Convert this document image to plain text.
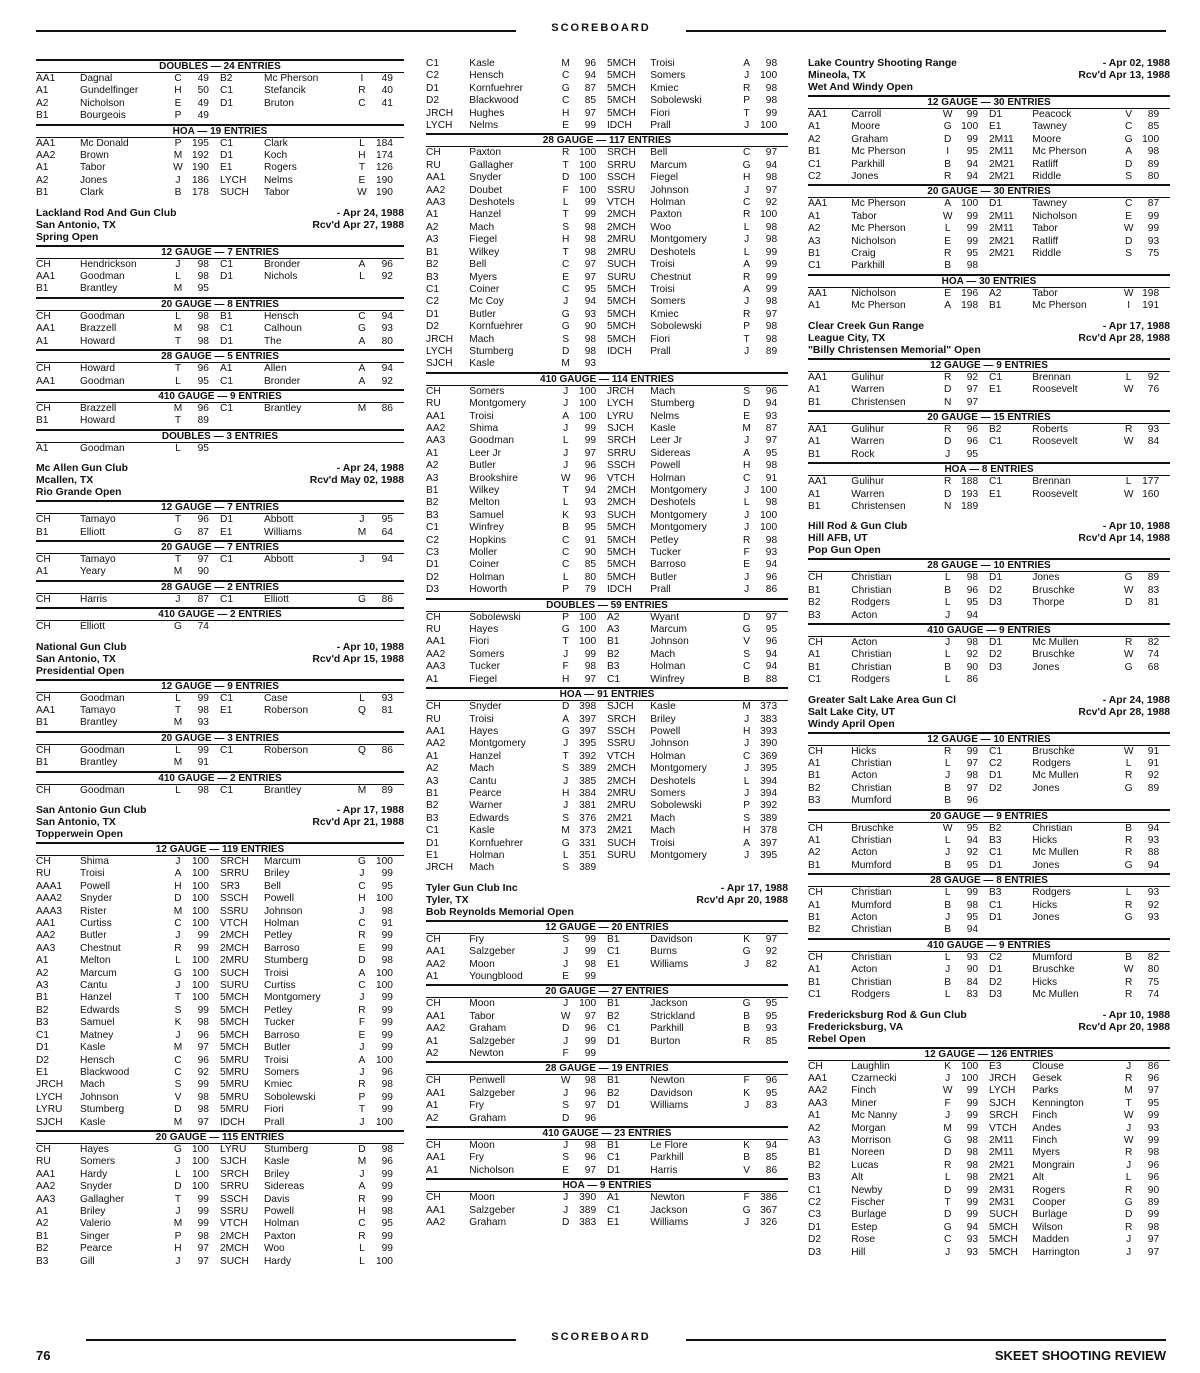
SCOREBOARD
DOUBLES — 24 ENTRIES
AA1	Dagnal	C	49	B2	Mc Pherson	I	49
A1	Gundelfinger	H	50	C1	Stefancik	R	40
A2	Nicholson	E	49	D1	Bruton	C	41
B1	Bourgeois	P	49				
HOA — 19 ENTRIES
AA1	Mc Donald	P	195	C1	Clark	L	184
AA2	Brown	M	192	D1	Koch	H	174
A1	Tabor	W	190	E1	Rogers	T	126
A2	Jones	J	186	LYCH	Nelms	E	190
B1	Clark	B	178	SUCH	Tabor	W	190
Lackland Rod And Gun Club	- Apr 24, 1988
San Antonio, TX	Rcv'd Apr 27, 1988
Spring Open
12 GAUGE — 7 ENTRIES
CH	Hendrickson	J	98	C1	Bronder	A	96
AA1	Goodman	L	98	D1	Nichols	L	92
B1	Brantley	M	95				
20 GAUGE — 8 ENTRIES
CH	Goodman	L	98	B1	Hensch	C	94
AA1	Brazzell	M	98	C1	Calhoun	G	93
A1	Howard	T	98	D1	The	A	80
28 GAUGE — 5 ENTRIES
CH	Howard	T	96	A1	Allen	A	94
AA1	Goodman	L	95	C1	Bronder	A	92
410 GAUGE — 9 ENTRIES
CH	Brazzell	M	96	C1	Brantley	M	86
B1	Howard	T	89				
DOUBLES — 3 ENTRIES
A1	Goodman	L	95				
Mc Allen Gun Club	- Apr 24, 1988
Mcallen, TX	Rcv'd May 02, 1988
Rio Grande Open
12 GAUGE — 7 ENTRIES
CH	Tamayo	T	96	D1	Abbott	J	95
B1	Elliott	G	87	E1	Williams	M	64
20 GAUGE — 7 ENTRIES
CH	Tamayo	T	97	C1	Abbott	J	94
A1	Yeary	M	90				
28 GAUGE — 2 ENTRIES
CH	Harris	J	87	C1	Elliott	G	86
410 GAUGE — 2 ENTRIES
CH	Elliott	G	74				
National Gun Club	- Apr 10, 1988
San Antonio, TX	Rcv'd Apr 15, 1988
Presidential Open
12 GAUGE — 9 ENTRIES
CH	Goodman	L	99	C1	Case	L	93
AA1	Tamayo	T	98	E1	Roberson	Q	81
B1	Brantley	M	93				
20 GAUGE — 3 ENTRIES
CH	Goodman	L	99	C1	Roberson	Q	86
B1	Brantley	M	91				
410 GAUGE — 2 ENTRIES
CH	Goodman	L	98	C1	Brantley	M	89
San Antonio Gun Club	- Apr 17, 1988
San Antonio, TX	Rcv'd Apr 21, 1988
Topperwein Open
12 GAUGE — 119 ENTRIES
CH	Shima	J	100	SRCH	Marcum	G	100
RU	Troisi	A	100	SRRU	Briley	J	99
AAA1	Powell	H	100	SR3	Bell	C	95
AAA2	Snyder	D	100	SSCH	Powell	H	100
AAA3	Rister	M	100	SSRU	Johnson	J	98
AA1	Curtiss	C	100	VTCH	Holman	C	91
AA2	Butler	J	99	2MCH	Petley	R	99
AA3	Chestnut	R	99	2MCH	Barroso	E	99
A1	Melton	L	100	2MRU	Stumberg	D	98
A2	Marcum	G	100	SUCH	Troisi	A	100
A3	Cantu	J	100	SURU	Curtiss	C	100
B1	Hanzel	T	100	5MCH	Montgomery	J	99
B2	Edwards	S	99	5MCH	Petley	R	99
B3	Samuel	K	98	5MCH	Tucker	F	99
C1	Matney	J	96	5MCH	Barroso	E	99
D1	Kasle	M	97	5MCH	Butler	J	99
D2	Hensch	C	96	5MRU	Troisi	A	100
E1	Blackwood	C	92	5MRU	Somers	J	96
JRCH	Mach	S	99	5MRU	Kmiec	R	98
LYCH	Johnson	V	98	5MRU	Sobolewski	P	99
LYRU	Stumberg	D	98	5MRU	Fiori	T	99
SJCH	Kasle	M	97	IDCH	Prall	J	100
20 GAUGE — 115 ENTRIES
CH	Hayes	G	100	LYRU	Stumberg	D	98
RU	Somers	J	100	SJCH	Kasle	M	96
AA1	Hardy	L	100	SRCH	Briley	J	99
AA2	Snyder	D	100	SRRU	Sidereas	A	99
AA3	Gallagher	T	99	SSCH	Davis	R	99
A1	Briley	J	99	SSRU	Powell	H	98
A2	Valerio	M	99	VTCH	Holman	C	95
B1	Singer	P	98	2MCH	Paxton	R	99
B2	Pearce	H	97	2MCH	Woo	L	99
B3	Gill	J	97	SUCH	Hardy	L	100
C1	Kasle	M	96	5MCH	Troisi	A	98
C2	Hensch	C	94	5MCH	Somers	J	100
D1	Kornfuehrer	G	87	5MCH	Kmiec	R	98
D2	Blackwood	C	85	5MCH	Sobolewski	P	98
JRCH	Hughes	H	97	5MCH	Fiori	T	99
LYCH	Nelms	E	99	IDCH	Prall	J	100
28 GAUGE — 117 ENTRIES
CH	Paxton	R	100	SRCH	Bell	C	97
RU	Gallagher	T	100	SRRU	Marcum	G	94
AA1	Snyder	D	100	SSCH	Fiegel	H	98
AA2	Doubet	F	100	SSRU	Johnson	J	97
AA3	Deshotels	L	99	VTCH	Holman	C	92
A1	Hanzel	T	99	2MCH	Paxton	R	100
A2	Mach	S	98	2MCH	Woo	L	98
A3	Fiegel	H	98	2MRU	Montgomery	J	98
B1	Wilkey	T	98	2MRU	Deshotels	L	99
B2	Bell	C	97	SUCH	Troisi	A	99
B3	Myers	E	97	SURU	Chestnut	R	99
C1	Coiner	C	95	5MCH	Troisi	A	99
C2	Mc Coy	J	94	5MCH	Somers	J	98
D1	Butler	G	93	5MCH	Kmiec	R	97
D2	Kornfuehrer	G	90	5MCH	Sobolewski	P	98
JRCH	Mach	S	98	5MCH	Fiori	T	98
LYCH	Stumberg	D	98	IDCH	Prall	J	89
SJCH	Kasle	M	93				
410 GAUGE — 114 ENTRIES
CH	Somers	J	100	JRCH	Mach	S	96
RU	Montgomery	J	100	LYCH	Stumberg	D	94
AA1	Troisi	A	100	LYRU	Nelms	E	93
AA2	Shima	J	99	SJCH	Kasle	M	87
AA3	Goodman	L	99	SRCH	Leer Jr	J	97
A1	Leer Jr	J	97	SRRU	Sidereas	A	95
A2	Butler	J	96	SSCH	Powell	H	98
A3	Brookshire	W	96	VTCH	Holman	C	91
B1	Wilkey	T	94	2MCH	Montgomery	J	100
B2	Melton	L	93	2MCH	Deshotels	L	98
B3	Samuel	K	93	SUCH	Montgomery	J	100
C1	Winfrey	B	95	5MCH	Montgomery	J	100
C2	Hopkins	C	91	5MCH	Petley	R	98
C3	Moller	C	90	5MCH	Tucker	F	93
D1	Coiner	C	85	5MCH	Barroso	E	94
D2	Holman	L	80	5MCH	Butler	J	96
D3	Howorth	P	79	IDCH	Prall	J	86
DOUBLES — 59 ENTRIES
CH	Sobolewski	P	100	A2	Wyant	D	97
RU	Hayes	G	100	A3	Marcum	G	95
AA1	Fiori	T	100	B1	Johnson	V	96
AA2	Somers	J	99	B2	Mach	S	94
AA3	Tucker	F	98	B3	Holman	C	94
A1	Fiegel	H	97	C1	Winfrey	B	88
HOA — 91 ENTRIES
CH	Snyder	D	398	SJCH	Kasle	M	373
RU	Troisi	A	397	SRCH	Briley	J	383
AA1	Hayes	G	397	SSCH	Powell	H	393
AA2	Montgomery	J	395	SSRU	Johnson	J	390
A1	Hanzel	T	392	VTCH	Holman	C	369
A2	Mach	S	389	2MCH	Montgomery	J	395
A3	Cantu	J	385	2MCH	Deshotels	L	394
B1	Pearce	H	384	2MRU	Somers	J	394
B2	Warner	J	381	2MRU	Sobolewski	P	392
B3	Edwards	S	376	2M21	Mach	S	389
C1	Kasle	M	373	2M21	Mach	H	378
D1	Kornfuehrer	G	331	SUCH	Troisi	A	397
E1	Holman	L	351	SURU	Montgomery	J	395
JRCH	Mach	S	389				
Tyler Gun Club Inc	- Apr 17, 1988
Tyler, TX	Rcv'd Apr 20, 1988
Bob Reynolds Memorial Open
12 GAUGE — 20 ENTRIES
CH	Fry	S	99	B1	Davidson	K	97
AA1	Salzgeber	J	99	C1	Burns	G	92
AA2	Moon	J	98	E1	Williams	J	82
A1	Youngblood	E	99				
20 GAUGE — 27 ENTRIES
CH	Moon	J	100	B1	Jackson	G	95
AA1	Tabor	W	97	B2	Strickland	B	95
AA2	Graham	D	96	C1	Parkhill	B	93
A1	Salzgeber	J	99	D1	Burton	R	85
A2	Newton	F	99				
28 GAUGE — 19 ENTRIES
CH	Penwell	W	98	B1	Newton	F	96
AA1	Salzgeber	J	96	B2	Davidson	K	95
A1	Fry	S	97	D1	Williams	J	83
A2	Graham	D	96				
410 GAUGE — 23 ENTRIES
CH	Moon	J	98	B1	Le Flore	K	94
AA1	Fry	S	96	C1	Parkhill	B	85
A1	Nicholson	E	97	D1	Harris	V	86
HOA — 9 ENTRIES
CH	Moon	J	390	A1	Newton	F	386
AA1	Salzgeber	J	389	C1	Jackson	G	367
AA2	Graham	D	383	E1	Williams	J	326
Lake Country Shooting Range	- Apr 02, 1988
Mineola, TX	Rcv'd Apr 13, 1988
Wet And Windy Open
12 GAUGE — 30 ENTRIES
AA1	Carroll	W	99	D1	Peacock	V	89
A1	Moore	G	100	E1	Tawney	C	85
A2	Graham	D	99	2M11	Moore	G	100
B1	Mc Pherson	I	95	2M11	Mc Pherson	A	98
C1	Parkhill	B	94	2M21	Ratliff	D	89
C2	Jones	R	94	2M21	Riddle	S	80
20 GAUGE — 30 ENTRIES
AA1	Mc Pherson	A	100	D1	Tawney	C	87
A1	Tabor	W	99	2M11	Nicholson	E	99
A2	Mc Pherson	L	99	2M11	Tabor	W	99
A3	Nicholson	E	99	2M21	Ratliff	D	93
B1	Craig	R	95	2M21	Riddle	S	75
C1	Parkhill	B	98				
HOA — 30 ENTRIES
AA1	Nicholson	E	196	A2	Tabor	W	198
A1	Mc Pherson	A	198	B1	Mc Pherson	I	191
Clear Creek Gun Range	- Apr 17, 1988
League City, TX	Rcv'd Apr 28, 1988
"Billy Christensen Memorial" Open
12 GAUGE — 9 ENTRIES
AA1	Gulihur	R	92	C1	Brennan	L	92
A1	Warren	D	97	E1	Roosevelt	W	76
B1	Christensen	N	97				
20 GAUGE — 15 ENTRIES
AA1	Gulihur	R	96	B2	Roberts	R	93
A1	Warren	D	96	C1	Roosevelt	W	84
B1	Rock	J	95				
HOA — 8 ENTRIES
AA1	Gulihur	R	188	C1	Brennan	L	177
A1	Warren	D	193	E1	Roosevelt	W	160
B1	Christensen	N	189				
Hill Rod & Gun Club	- Apr 10, 1988
Hill AFB, UT	Rcv'd Apr 14, 1988
Pop Gun Open
28 GAUGE — 10 ENTRIES
CH	Christian	L	98	D1	Jones	G	89
B1	Christian	B	96	D2	Bruschke	W	83
B2	Rodgers	L	95	D3	Thorpe	D	81
B3	Acton	J	94				
410 GAUGE — 9 ENTRIES
CH	Acton	J	98	D1	Mc Mullen	R	82
A1	Christian	L	92	D2	Bruschke	W	74
B1	Christian	B	90	D3	Jones	G	68
C1	Rodgers	L	86				
Greater Salt Lake Area Gun Cl	- Apr 24, 1988
Salt Lake City, UT	Rcv'd Apr 28, 1988
Windy April Open
12 GAUGE — 10 ENTRIES
CH	Hicks	R	99	C1	Bruschke	W	91
A1	Christian	L	97	C2	Rodgers	L	91
B1	Acton	J	98	D1	Mc Mullen	R	92
B2	Christian	B	97	D2	Jones	G	89
B3	Mumford	B	96				
20 GAUGE — 9 ENTRIES
CH	Bruschke	W	95	B2	Christian	B	94
A1	Christian	L	94	B3	Hicks	R	93
A2	Acton	J	92	C1	Mc Mullen	R	88
B1	Mumford	B	95	D1	Jones	G	94
28 GAUGE — 8 ENTRIES
CH	Christian	L	99	B3	Rodgers	L	93
A1	Mumford	B	98	C1	Hicks	R	92
B1	Acton	J	95	D1	Jones	G	93
B2	Christian	B	94				
410 GAUGE — 9 ENTRIES
CH	Christian	L	93	C2	Mumford	B	82
A1	Acton	J	90	D1	Bruschke	W	80
B1	Christian	B	84	D2	Hicks	R	75
C1	Rodgers	L	83	D3	Mc Mullen	R	74
Fredericksburg Rod & Gun Club	- Apr 10, 1988
Fredericksburg, VA	Rcv'd Apr 20, 1988
Rebel Open
12 GAUGE — 126 ENTRIES
CH	Laughlin	K	100	E3	Clouse	J	86
AA1	Czarnecki	J	100	JRCH	Gesek	R	96
AA2	Finch	W	99	LYCH	Parks	M	97
AA3	Miner	F	99	SJCH	Kennington	T	95
A1	Mc Nanny	J	99	SRCH	Finch	W	99
A2	Morgan	M	99	VTCH	Andes	J	93
A3	Morrison	G	98	2M11	Finch	W	99
B1	Noreen	D	98	2M11	Myers	R	98
B2	Lucas	R	98	2M21	Mongrain	J	96
B3	Alt	L	98	2M21	Alt	L	96
C1	Newby	D	99	2M31	Rogers	R	90
C2	Fischer	T	99	2M31	Cooper	G	89
C3	Burlage	D	99	SUCH	Burlage	D	99
D1	Estep	G	94	5MCH	Wilson	R	98
D2	Rose	C	93	5MCH	Madden	J	97
D3	Hill	J	93	5MCH	Harrington	J	97
SCOREBOARD
76	SKEET SHOOTING REVIEW
